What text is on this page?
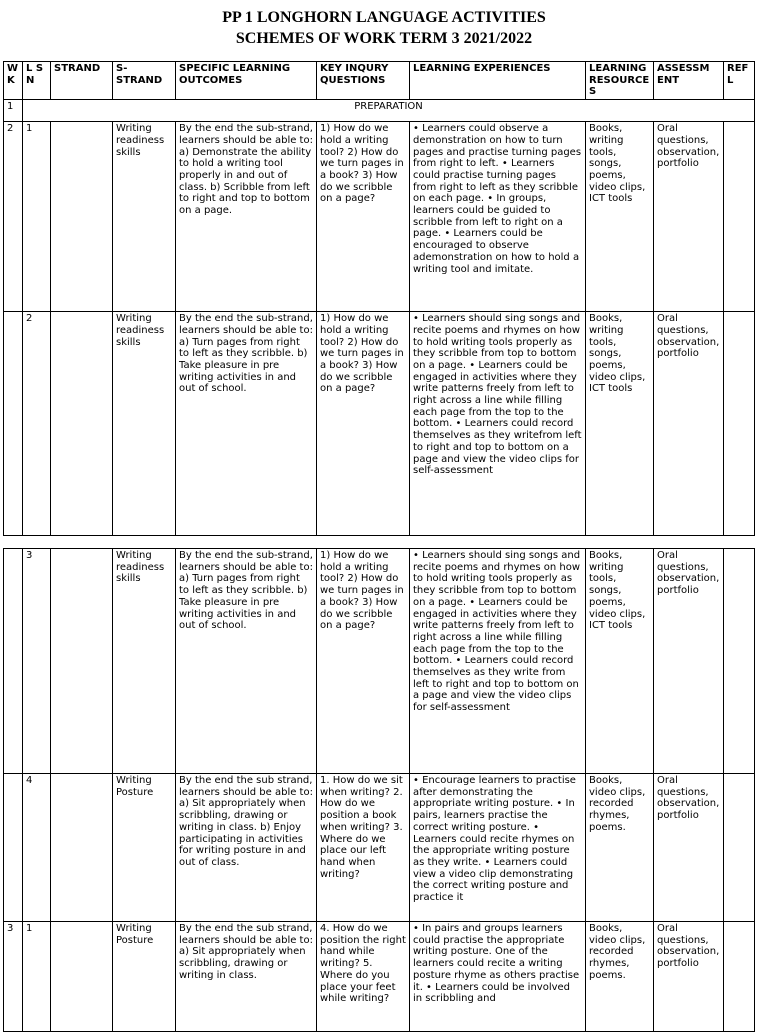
PP 1 LONGHORN LANGUAGE ACTIVITIES
SCHEMES OF WORK TERM 3 2021/2022
W K	L S N	STRAND	S- STRAND	SPECIFIC LEARNING OUTCOMES	KEY INQURY QUESTIONS	LEARNING EXPERIENCES	LEARNING RESOURCE S	ASSESSM ENT	REF L
1	PREPARATION								
2	1		Writing readiness skills	By the end the sub-strand, learners should be able to: a) Demonstrate the ability to hold a writing tool properly in and out of class. b) Scribble from left to right and top to bottom on a page.	1) How do we hold a writing tool? 2) How do we turn pages in a book? 3) How do we scribble on a page?	• Learners could observe a demonstration on how to turn pages and practise turning pages from right to left. • Learners could practise turning pages from right to left as they scribble on each page. • In groups, learners could be guided to scribble from left to right on a page. • Learners could be encouraged to observe ademonstration on how to hold a writing tool and imitate.	Books, writing tools, songs, poems, video clips, ICT tools	Oral questions, observation, portfolio	
	2		Writing readiness skills	By the end the sub-strand, learners should be able to: a) Turn pages from right to left as they scribble. b) Take pleasure in pre writing activities in and out of school.	1) How do we hold a writing tool? 2) How do we turn pages in a book? 3) How do we scribble on a page?	• Learners should sing songs and recite poems and rhymes on how to hold writing tools properly as they scribble from top to bottom on a page. • Learners could be engaged in activities where they write patterns freely from left to right across a line while filling each page from the top to the bottom. • Learners could record themselves as they writefrom left to right and top to bottom on a page and view the video clips for self-assessment	Books, writing tools, songs, poems, video clips, ICT tools	Oral questions, observation, portfolio	
	3		Writing readiness skills	By the end the sub-strand, learners should be able to: a) Turn pages from right to left as they scribble. b) Take pleasure in pre writing activities in and out of school.	1) How do we hold a writing tool? 2) How do we turn pages in a book? 3) How do we scribble on a page?	• Learners should sing songs and recite poems and rhymes on how to hold writing tools properly as they scribble from top to bottom on a page. • Learners could be engaged in activities where they write patterns freely from left to right across a line while filling each page from the top to the bottom. • Learners could record themselves as they write from left to right and top to bottom on a page and view the video clips for self-assessment	Books, writing tools, songs, poems, video clips, ICT tools	Oral questions, observation, portfolio	
	4		Writing Posture	By the end the sub strand, learners should be able to: a) Sit appropriately when scribbling, drawing or writing in class. b) Enjoy participating in activities for writing posture in and out of class.	1. How do we sit when writing? 2. How do we position a book when writing? 3. Where do we place our left hand when writing?	• Encourage learners to practise after demonstrating the appropriate writing posture. • In pairs, learners practise the correct writing posture. • Learners could recite rhymes on the appropriate writing posture as they write. • Learners could view a video clip demonstrating the correct writing posture and practice it	Books, video clips, recorded rhymes, poems.	Oral questions, observation, portfolio	
3	1		Writing Posture	By the end the sub strand, learners should be able to: a) Sit appropriately when scribbling, drawing or writing in class.	4. How do we position the right hand while writing? 5. Where do you place your feet while writing?	• In pairs and groups learners could practise the appropriate writing posture. One of the learners could recite a writing posture rhyme as others practise it. • Learners could be involved in scribbling and	Books, video clips, recorded rhymes, poems.	Oral questions, observation, portfolio	
